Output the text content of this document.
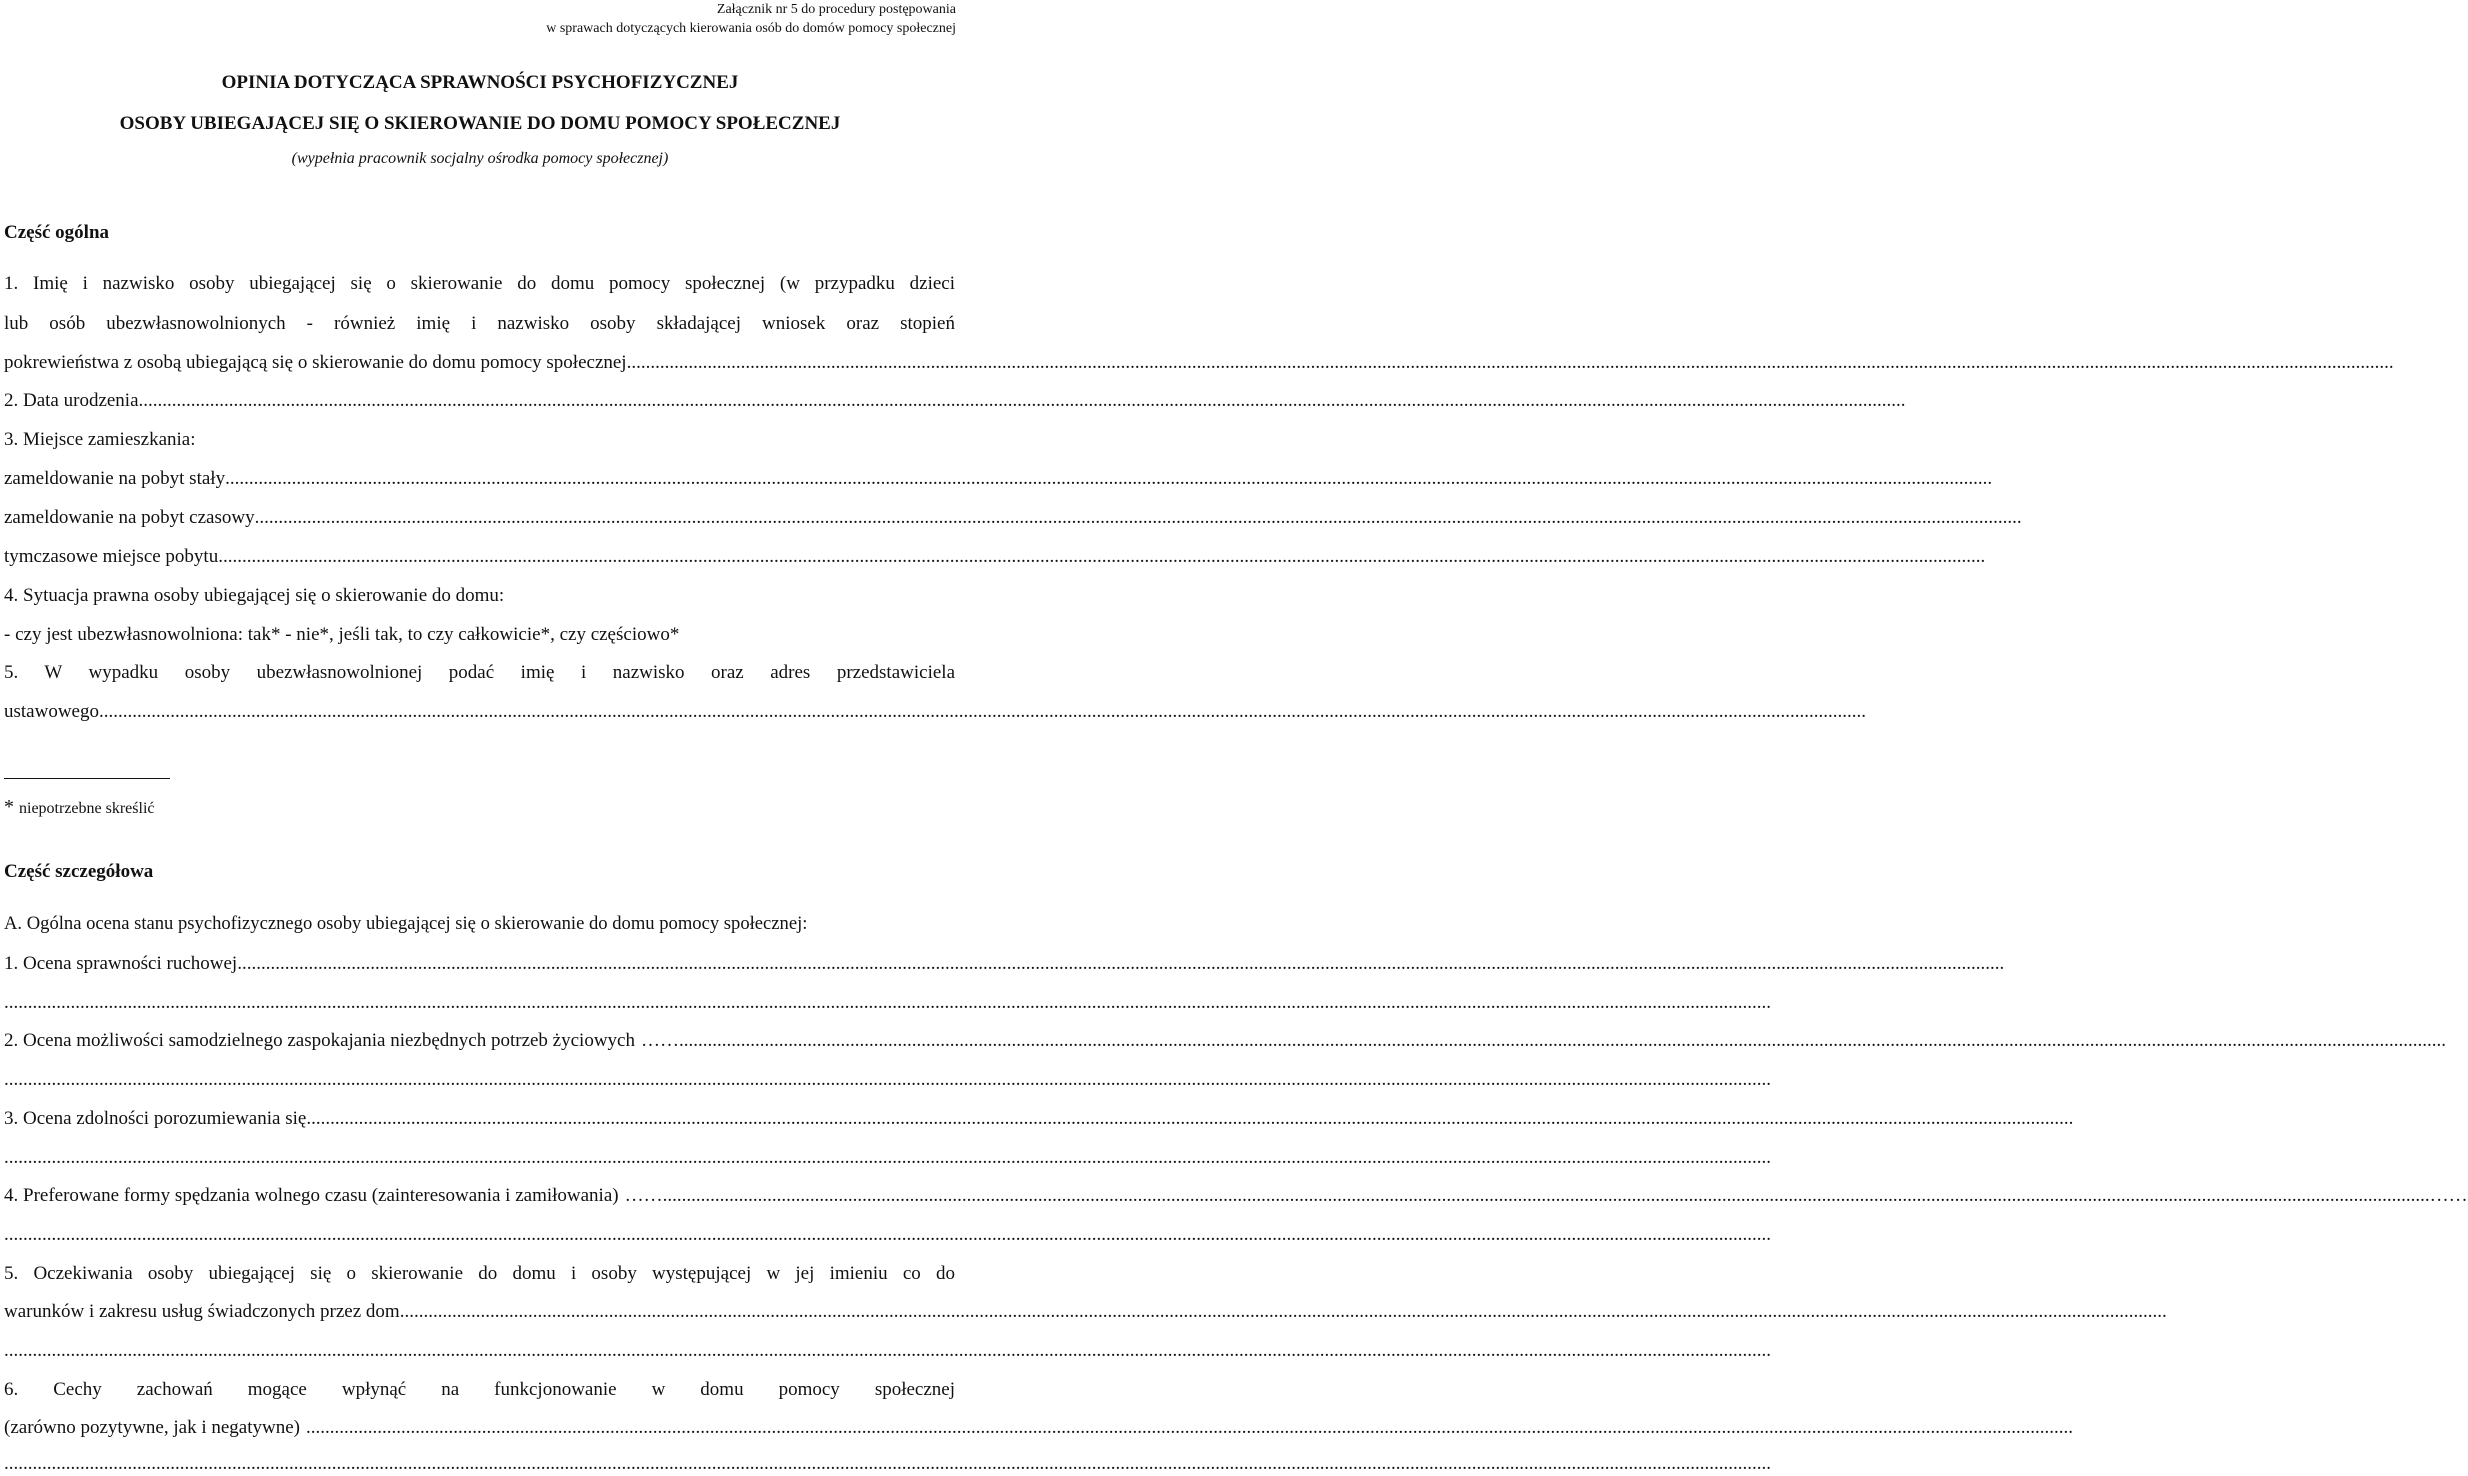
Załącznik nr 5 do procedury postępowania
w sprawach dotyczących kierowania osób do domów pomocy społecznej
OPINIA DOTYCZĄCA SPRAWNOŚCI PSYCHOFIZYCZNEJ
OSOBY UBIEGAJĄCEJ SIĘ O SKIEROWANIE DO DOMU POMOCY SPOŁECZNEJ
(wypełnia pracownik socjalny ośrodka pomocy społecznej)
Część ogólna
1. Imię i nazwisko osoby ubiegającej się o skierowanie do domu pomocy społecznej (w przypadku dzieci
lub osób ubezwłasnowolnionych - również imię i nazwisko osoby składającej wniosek oraz stopień
pokrewieństwa z osobą ubiegającą się o skierowanie do domu pomocy społecznej ....................................................................................................................................................................................................................................................................................................................................................................................
2. Data urodzenia ....................................................................................................................................................................................................................................................................................................................................................................................
3. Miejsce zamieszkania:
zameldowanie na pobyt stały ....................................................................................................................................................................................................................................................................................................................................................................................
zameldowanie na pobyt czasowy ....................................................................................................................................................................................................................................................................................................................................................................................
tymczasowe miejsce pobytu ....................................................................................................................................................................................................................................................................................................................................................................................
4. Sytuacja prawna osoby ubiegającej się o skierowanie do domu:
- czy jest ubezwłasnowolniona: tak* - nie*, jeśli tak, to czy całkowicie*, czy częściowo*
5. W wypadku osoby ubezwłasnowolnionej podać imię i nazwisko oraz adres przedstawiciela
ustawowego ....................................................................................................................................................................................................................................................................................................................................................................................
* niepotrzebne skreślić
Część szczegółowa
A. Ogólna ocena stanu psychofizycznego osoby ubiegającej się o skierowanie do domu pomocy społecznej:
1. Ocena sprawności ruchowej ....................................................................................................................................................................................................................................................................................................................................................................................
....................................................................................................................................................................................................................................................................................................................................................................................
2. Ocena możliwości samodzielnego zaspokajania niezbędnych potrzeb życiowych …… ....................................................................................................................................................................................................................................................................................................................................................................................
....................................................................................................................................................................................................................................................................................................................................................................................
3. Ocena zdolności porozumiewania się ....................................................................................................................................................................................................................................................................................................................................................................................
....................................................................................................................................................................................................................................................................................................................................................................................
4. Preferowane formy spędzania wolnego czasu (zainteresowania i zamiłowania) …… .................................................................................................................................................................................................................................................................................................................................................................................... ……
....................................................................................................................................................................................................................................................................................................................................................................................
5. Oczekiwania osoby ubiegającej się o skierowanie do domu i osoby występującej w jej imieniu co do
warunków i zakresu usług świadczonych przez dom ....................................................................................................................................................................................................................................................................................................................................................................................
....................................................................................................................................................................................................................................................................................................................................................................................
6. Cechy zachowań mogące wpłynąć na funkcjonowanie w domu pomocy społecznej
(zarówno pozytywne, jak i negatywne) ....................................................................................................................................................................................................................................................................................................................................................................................
....................................................................................................................................................................................................................................................................................................................................................................................
